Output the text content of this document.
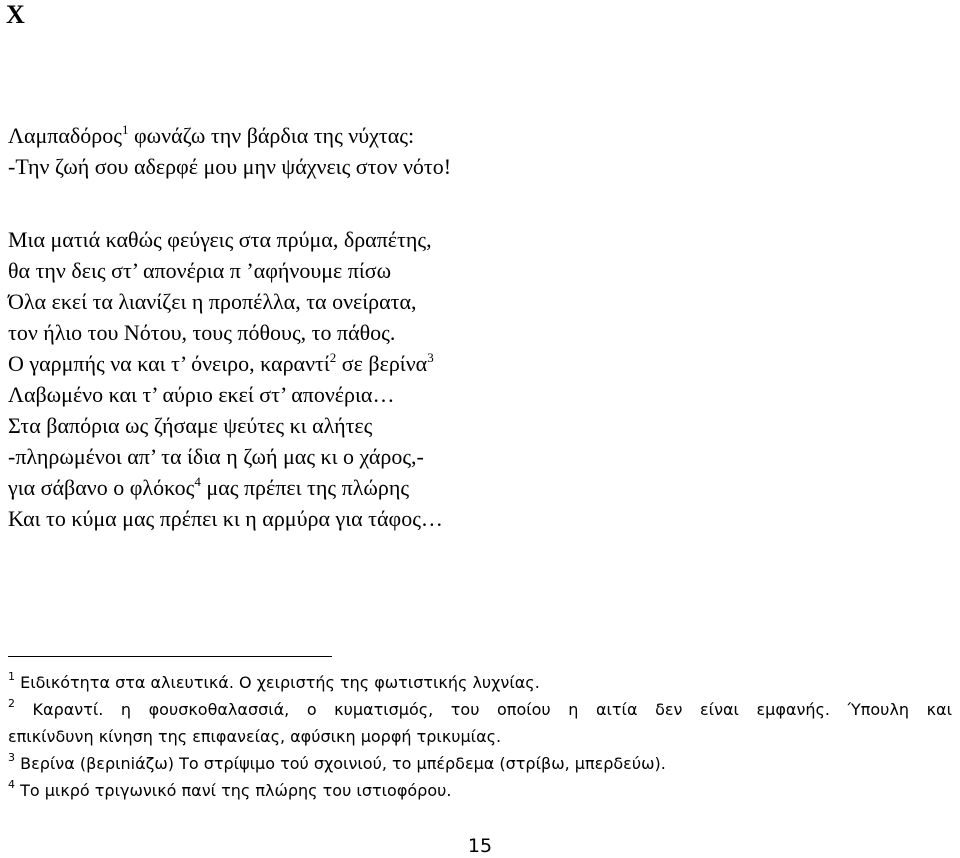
X
Λαμπαδόρος$^1$ φωνάζω την βάρδια της νύχτας:
-Την ζωή σου αδερφέ μου μην ψάχνεις στον νότο!
Μια ματιά καθώς φεύγεις στα πρύμα, δραπέτης,
θα την δεις στ’ απονέρια π ’αφήνουμε πίσω
Όλα εκεί τα λιανίζει η προπέλλα, τα ονείρατα,
τον ήλιο του Νότου, τους πόθους, το πάθος.
Ο γαρμπής να και τ’ όνειρο, καραντί$^2$ σε βερίνα$^3$
Λαβωμένο και τ’ αύριο εκεί στ’ απονέρια…
Στα βαπόρια ως ζήσαμε ψεύτες κι αλήτες
-πληρωμένοι απ’ τα ίδια η ζωή μας κι ο χάρος,-
για σάβανο ο φλόκος$^4$ μας πρέπει της πλώρης
Και το κύμα μας πρέπει κι η αρμύρα για τάφος…
$^1$ Ειδικότητα στα αλιευτικά. Ο χειριστής της φωτιστικής λυχνίας.
$^2$ Καραντί. η φουσκοθαλασσιά, ο κυματισμός, του οποίου η αιτία δεν είναι εμφανής. Ύπουλη και
επικίνδυνη κίνηση της επιφανείας, αφύσικη μορφή τρικυμίας.
$^3$ Βερίνα (βεριniάζω) Το στρίψιμο τού σχοινιού, το μπέρδεμα (στρίβω, μπερδεύω).
$^4$ Το μικρό τριγωνικό πανί της πλώρης του ιστιοφόρου.
15
